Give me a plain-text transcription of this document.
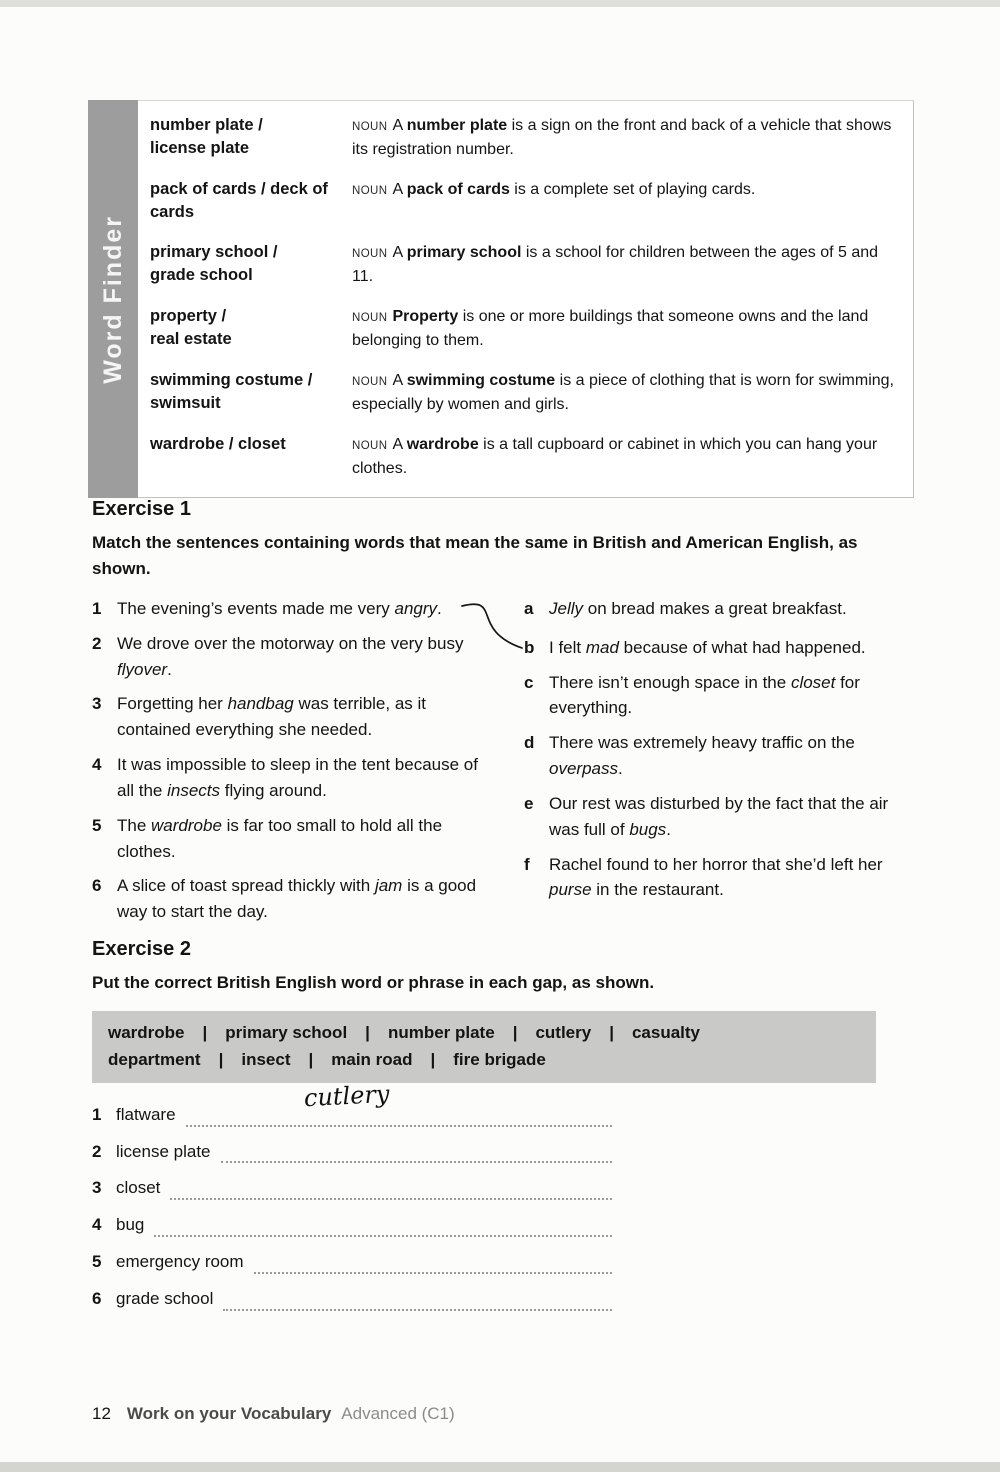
Word Finder
number plate /
license plate
NOUN A number plate is a sign on the front and back of a vehicle that shows its registration number.
pack of cards / deck of
cards
NOUN A pack of cards is a complete set of playing cards.
primary school /
grade school
NOUN A primary school is a school for children between the ages of 5 and 11.
property /
real estate
NOUN Property is one or more buildings that someone owns and the land belonging to them.
swimming costume /
swimsuit
NOUN A swimming costume is a piece of clothing that is worn for swimming, especially by women and girls.
wardrobe / closet	NOUN A wardrobe is a tall cupboard or cabinet in which you can hang your clothes.
Exercise 1
Match the sentences containing words that mean the same in British and American English, as shown.
1 The evening’s events made me very angry.
2 We drove over the motorway on the very busy flyover.
3 Forgetting her handbag was terrible, as it contained everything she needed.
4 It was impossible to sleep in the tent because of all the insects flying around.
5 The wardrobe is far too small to hold all the clothes.
6 A slice of toast spread thickly with jam is a good way to start the day.
a Jelly on bread makes a great breakfast.
b I felt mad because of what had happened.
c There isn’t enough space in the closet for everything.
d There was extremely heavy traffic on the overpass.
e Our rest was disturbed by the fact that the air was full of bugs.
f	Rachel found to her horror that she’d left her purse in the restaurant.
Exercise 2
Put the correct British English word or phrase in each gap, as shown.
wardrobe | primary school | number plate | cutlery | casualty department | insect | main road | fire brigade
1 flatware
cutlery
2 license plate
3 closet
4 bug
5 emergency room
6 grade school
12 Work on your Vocabulary Advanced (C1)
